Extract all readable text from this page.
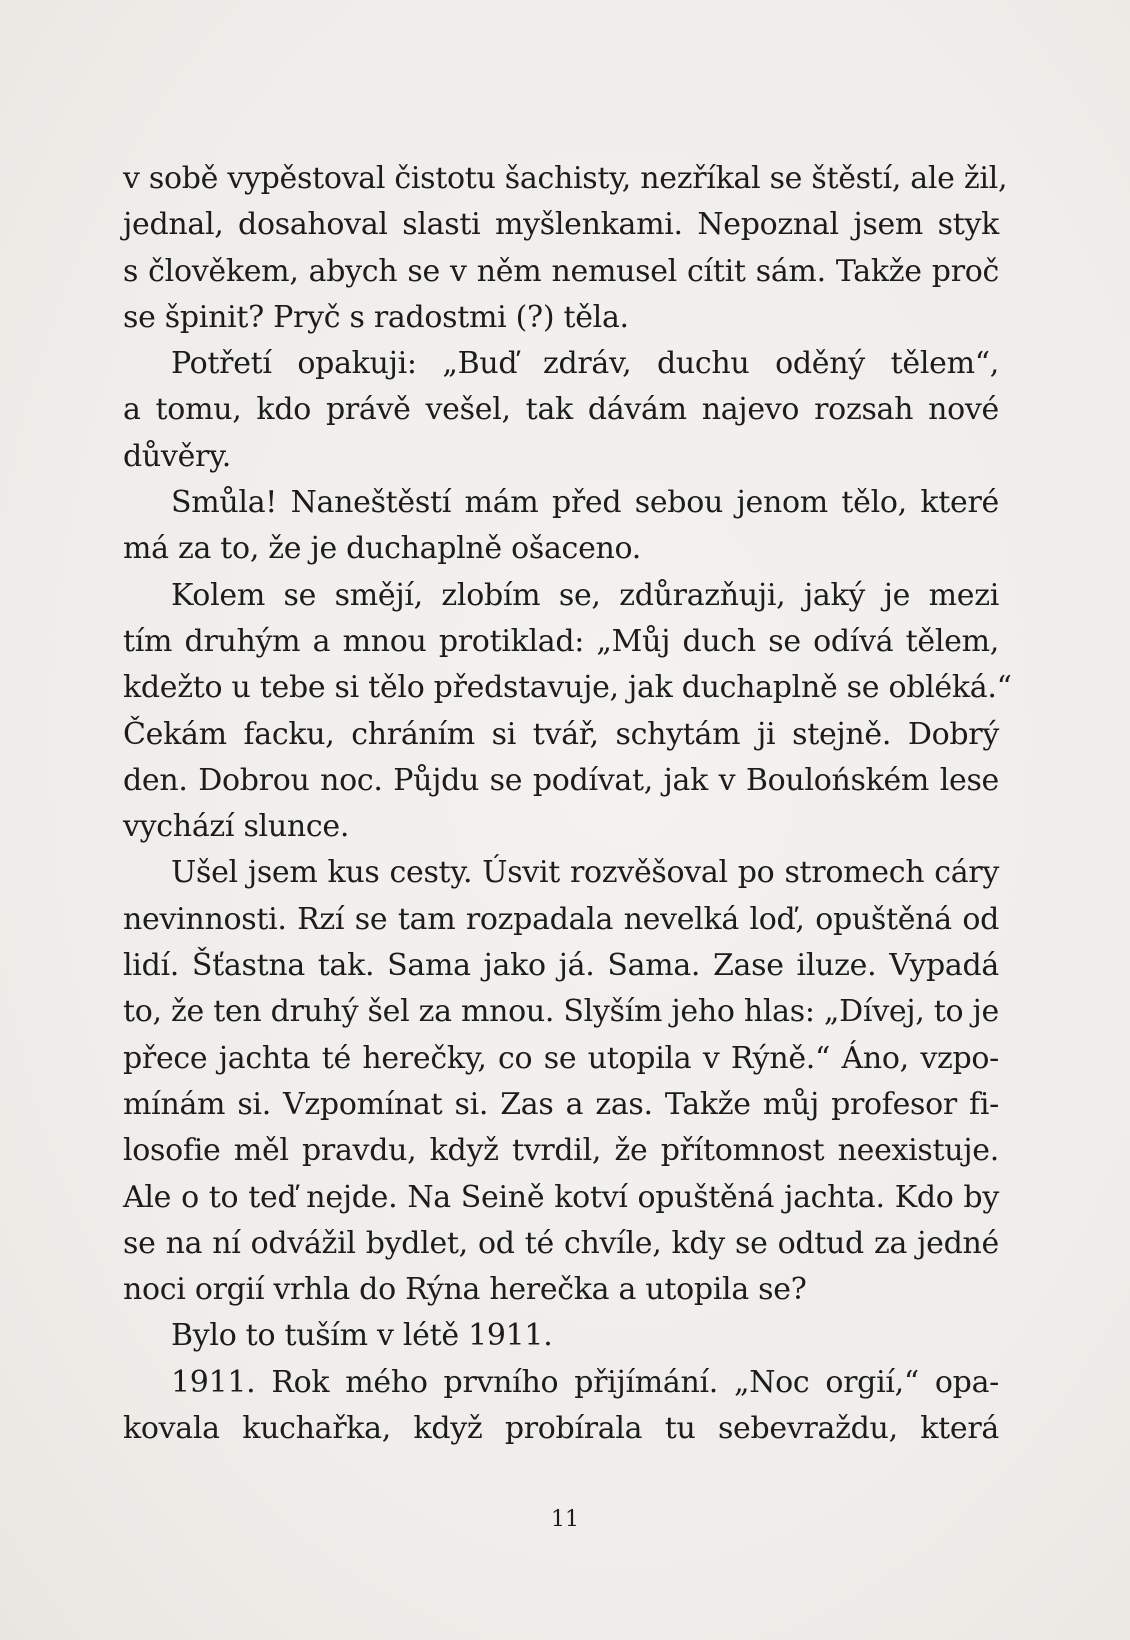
v sobě vypěstoval čistotu šachisty, nezříkal se štěstí, ale žil,
jednal, dosahoval slasti myšlenkami. Nepoznal jsem styk
s člověkem, abych se v něm nemusel cítit sám. Takže proč
se špinit? Pryč s radostmi (?) těla.
Potřetí opakuji: „Buď zdráv, duchu oděný tělem“,
a tomu, kdo právě vešel, tak dávám najevo rozsah nové
důvěry.
Smůla! Naneštěstí mám před sebou jenom tělo, které
má za to, že je duchaplně ošaceno.
Kolem se smějí, zlobím se, zdůrazňuji, jaký je mezi
tím druhým a mnou protiklad: „Můj duch se odívá tělem,
kdežto u tebe si tělo představuje, jak duchaplně se obléká.“
Čekám facku, chráním si tvář, schytám ji stejně. Dobrý
den. Dobrou noc. Půjdu se podívat, jak v Boulońském lese
vychází slunce.
Ušel jsem kus cesty. Úsvit rozvěšoval po stromech cáry
nevinnosti. Rzí se tam rozpadala nevelká loď, opuštěná od
lidí. Šťastna tak. Sama jako já. Sama. Zase iluze. Vypadá
to, že ten druhý šel za mnou. Slyším jeho hlas: „Dívej, to je
přece jachta té herečky, co se utopila v Rýně.“ Áno, vzpo-
mínám si. Vzpomínat si. Zas a zas. Takže můj profesor fi-
losofie měl pravdu, když tvrdil, že přítomnost neexistuje.
Ale o to teď nejde. Na Seině kotví opuštěná jachta. Kdo by
se na ní odvážil bydlet, od té chvíle, kdy se odtud za jedné
noci orgií vrhla do Rýna herečka a utopila se?
Bylo to tuším v létě 1911.
1911. Rok mého prvního přijímání. „Noc orgií,“ opa-
kovala kuchařka, když probírala tu sebevraždu, která
11
